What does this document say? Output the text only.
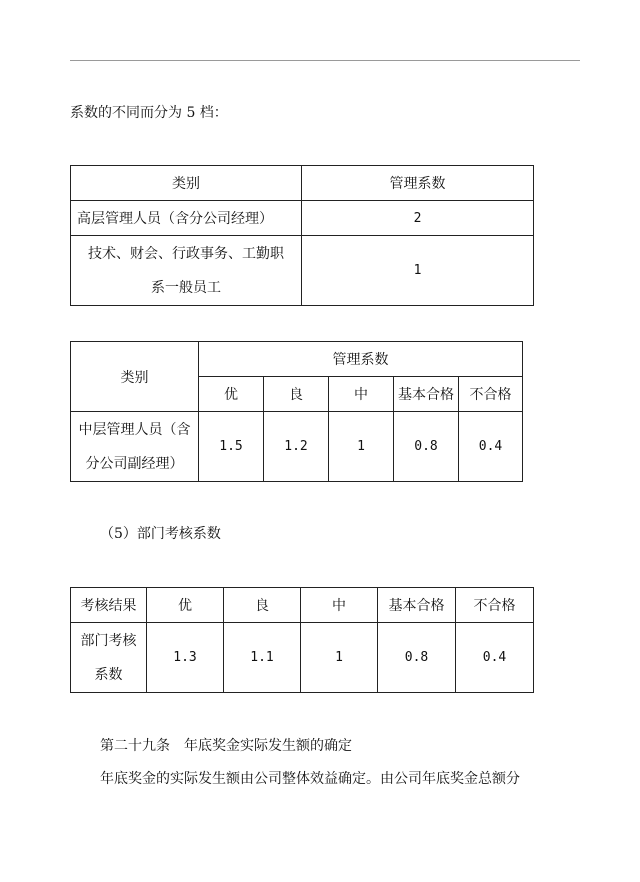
系数的不同而分为 5 档：
类别	管理系数
高层管理人员（含分公司经理）	2

技术、财会、行政事务、工勤职
系一般员工	1
类别	管理系数				
	优	良	中	基本合格	不合格

中层管理人员（含
分公司副经理）	1.5	1.2	1	0.8	0.4
（5）部门考核系数
考核结果	优	良	中	基本合格	不合格

部门考核
系数	1.3	1.1	1	0.8	0.4
第二十九条　年底奖金实际发生额的确定
年底奖金的实际发生额由公司整体效益确定。由公司年底奖金总额分
